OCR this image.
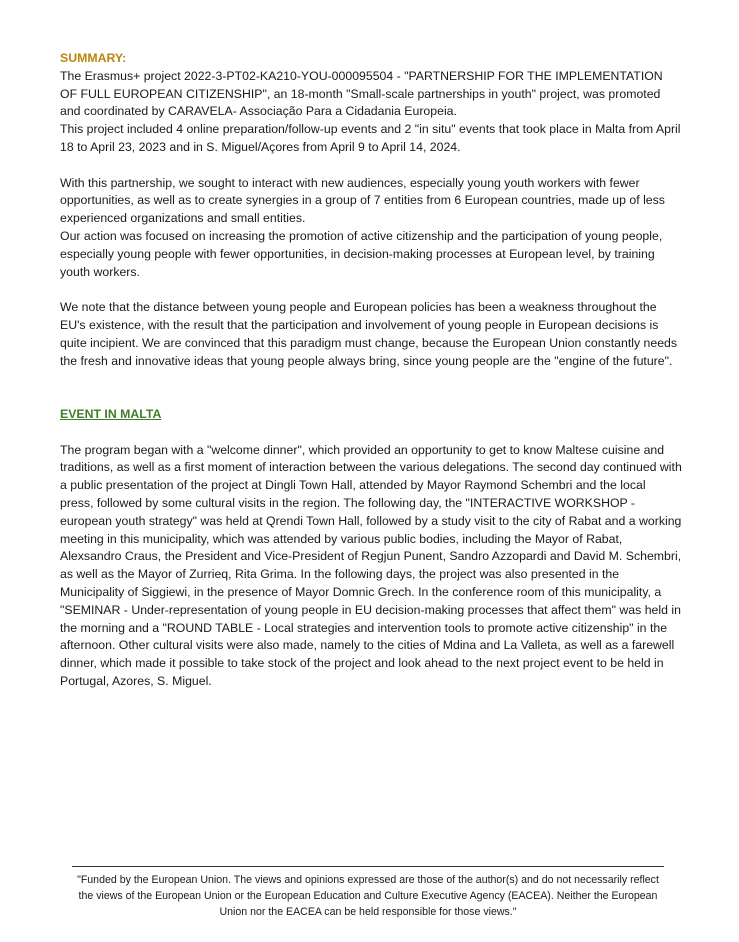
SUMMARY:

The Erasmus+ project 2022-3-PT02-KA210-YOU-000095504 - "PARTNERSHIP FOR THE IMPLEMENTATION OF FULL EUROPEAN CITIZENSHIP", an 18-month "Small-scale partnerships in youth" project, was promoted and coordinated by CARAVELA- Associação Para a Cidadania Europeia.

This project included 4 online preparation/follow-up events and 2 "in situ" events that took place in Malta from April 18 to April 23, 2023 and in S. Miguel/Açores from April 9 to April 14, 2024.

With this partnership, we sought to interact with new audiences, especially young youth workers with fewer opportunities, as well as to create synergies in a group of 7 entities from 6 European countries, made up of less experienced organizations and small entities.

Our action was focused on increasing the promotion of active citizenship and the participation of young people,

especially young people with fewer opportunities, in decision-making processes at European level, by training youth workers.

We note that the distance between young people and European policies has been a weakness throughout the EU's existence, with the result that the participation and involvement of young people in European decisions is quite incipient. We are convinced that this paradigm must change, because the European Union constantly needs the fresh and innovative ideas that young people always bring, since young people are the "engine of the future".

EVENT IN MALTA

The program began with a "welcome dinner", which provided an opportunity to get to know Maltese cuisine and traditions, as well as a first moment of interaction between the various delegations. The second day continued with a public presentation of the project at Dingli Town Hall, attended by Mayor Raymond Schembri and the local press, followed by some cultural visits in the region. The following day, the "INTERACTIVE WORKSHOP - european youth strategy" was held at Qrendi Town Hall, followed by a study visit to the city of Rabat and a working meeting in this municipality, which was attended by various public bodies, including the Mayor of Rabat, Alexsandro Craus, the President and Vice-President of Regjun Punent, Sandro Azzopardi and David M. Schembri, as well as the Mayor of Zurrieq, Rita Grima. In the following days, the project was also presented in the Municipality of Siggiewi, in the presence of Mayor Domnic Grech. In the conference room of this municipality, a "SEMINAR - Under-representation of young people in EU decision-making processes that affect them" was held in the morning and a "ROUND TABLE - Local strategies and intervention tools to promote active citizenship" in the afternoon. Other cultural visits were also made, namely to the cities of Mdina and La Valleta, as well as a farewell dinner, which made it possible to take stock of the project and look ahead to the next project event to be held in Portugal, Azores, S. Miguel.

"Funded by the European Union. The views and opinions expressed are those of the author(s) and do not necessarily reflect the views of the European Union or the European Education and Culture Executive Agency (EACEA). Neither the European Union nor the EACEA can be held responsible for those views."
